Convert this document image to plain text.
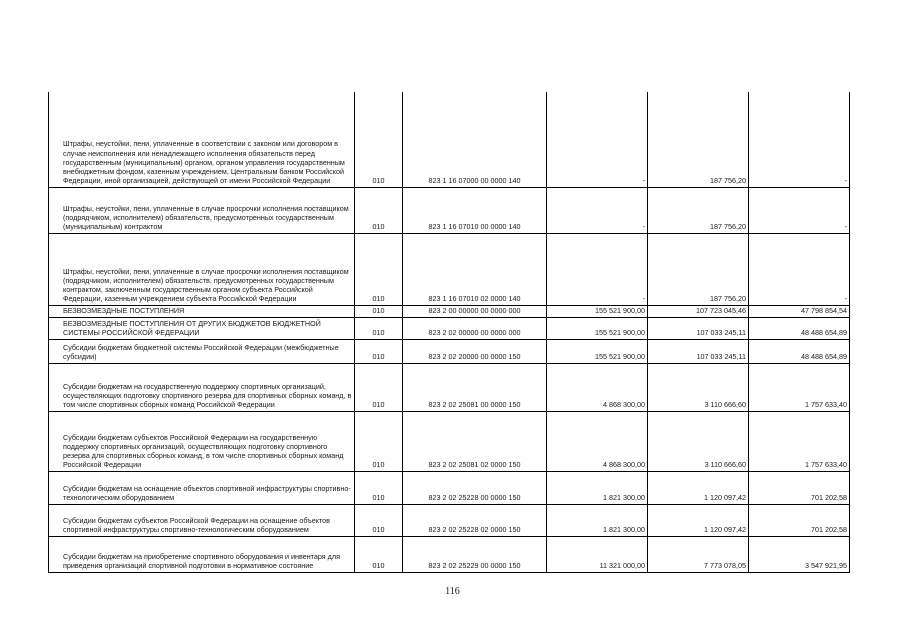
Штрафы, неустойки, пени, уплаченные в соответствии с законом или договором в случае неисполнения или ненадлежащего исполнения обязательств перед государственным (муниципальным) органом, органом управления государственным внебюджетным фондом, казенным учреждением, Центральным банком Российской Федерации, иной организацией, действующей от имени Российской Федерации	010	823 1 16 07000 00 0000 140	-	187 756,20	-
Штрафы, неустойки, пени, уплаченные в случае просрочки исполнения поставщиком (подрядчиком, исполнителем) обязательств, предусмотренных государственным (муниципальным) контрактом	010	823 1 16 07010 00 0000 140	-	187 756,20	-
Штрафы, неустойки, пени, уплаченные в случае просрочки исполнения поставщиком (подрядчиком, исполнителем) обязательств, предусмотренных государственным контрактом, заключенным государственным органом субъекта Российской Федерации, казенным учреждением субъекта Российской Федерации	010	823 1 16 07010 02 0000 140	-	187 756,20	-
БЕЗВОЗМЕЗДНЫЕ ПОСТУПЛЕНИЯ	010	823 2 00 00000 00 0000 000	155 521 900,00	107 723 045,46	47 798 854,54
БЕЗВОЗМЕЗДНЫЕ ПОСТУПЛЕНИЯ ОТ ДРУГИХ БЮДЖЕТОВ БЮДЖЕТНОЙ СИСТЕМЫ РОССИЙСКОЙ ФЕДЕРАЦИИ	010	823 2 02 00000 00 0000 000	155 521 900,00	107 033 245,11	48 488 654,89
Субсидии бюджетам бюджетной системы Российской Федерации (межбюджетные субсидии)	010	823 2 02 20000 00 0000 150	155 521 900,00	107 033 245,11	48 488 654,89
Субсидии бюджетам на государственную поддержку спортивных организаций, осуществляющих подготовку спортивного резерва для спортивных сборных команд, в том числе спортивных сборных команд Российской Федерации	010	823 2 02 25081 00 0000 150	4 868 300,00	3 110 666,60	1 757 633,40
Субсидии бюджетам субъектов Российской Федерации на государственную поддержку спортивных организаций, осуществляющих подготовку спортивного резерва для спортивных сборных команд, в том числе спортивных сборных команд Российской Федерации	010	823 2 02 25081 02 0000 150	4 868 300,00	3 110 666,60	1 757 633,40
Субсидии бюджетам на оснащение объектов спортивной инфраструктуры спортивно-технологическим оборудованием	010	823 2 02 25228 00 0000 150	1 821 300,00	1 120 097,42	701 202,58
Субсидии бюджетам субъектов Российской Федерации на оснащение объектов спортивной инфраструктуры спортивно-технологическим оборудованием	010	823 2 02 25228 02 0000 150	1 821 300,00	1 120 097,42	701 202,58
Субсидии бюджетам на приобретение спортивного оборудования и инвентаря для приведения организаций спортивной подготовки в нормативное состояние	010	823 2 02 25229 00 0000 150	11 321 000,00	7 773 078,05	3 547 921,95
116
